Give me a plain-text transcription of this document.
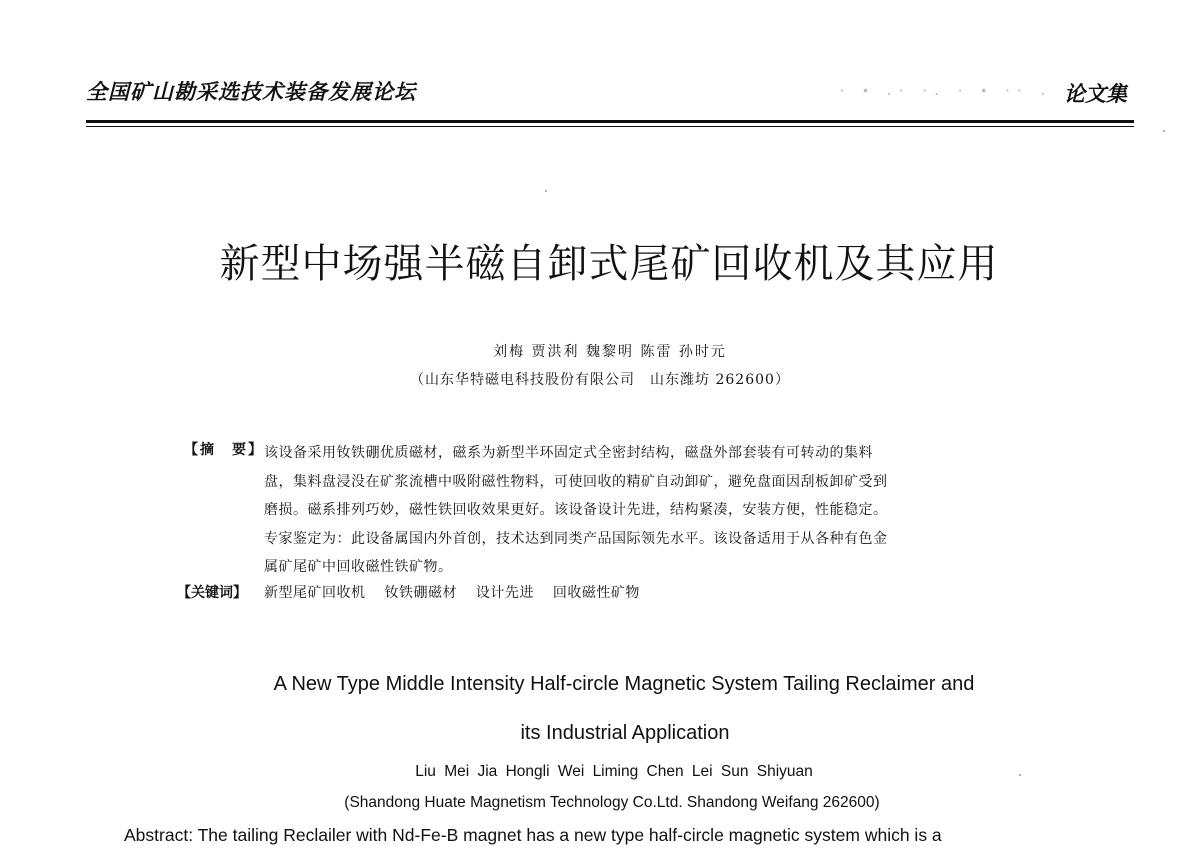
全国矿山勘采选技术装备发展论坛	· ∙ .· ·. · ∙ ·· . 论文集
新型中场强半磁自卸式尾矿回收机及其应用
刘梅 贾洪利 魏黎明 陈雷 孙时元
（山东华特磁电科技股份有限公司　山东潍坊 262600）
【摘　要】 该设备采用钕铁硼优质磁材，磁系为新型半环固定式全密封结构，磁盘外部套装有可转动的集料
盘，集料盘浸没在矿浆流槽中吸附磁性物料，可使回收的精矿自动卸矿，避免盘面因刮板卸矿受到
磨损。磁系排列巧妙，磁性铁回收效果更好。该设备设计先进，结构紧凑，安装方便，性能稳定。
专家鉴定为：此设备属国内外首创，技术达到同类产品国际领先水平。该设备适用于从各种有色金
属矿尾矿中回收磁性铁矿物。
【关键词】 新型尾矿回收机 钕铁硼磁材 设计先进 回收磁性矿物
A New Type Middle Intensity Half-circle Magnetic System Tailing Reclaimer and
its Industrial Application
Liu Mei Jia Hongli Wei Liming Chen Lei Sun Shiyuan
(Shandong Huate Magnetism Technology Co.Ltd. Shandong Weifang 262600)
Abstract: The tailing Reclailer with Nd-Fe-B magnet has a new type half-circle magnetic system which is a
